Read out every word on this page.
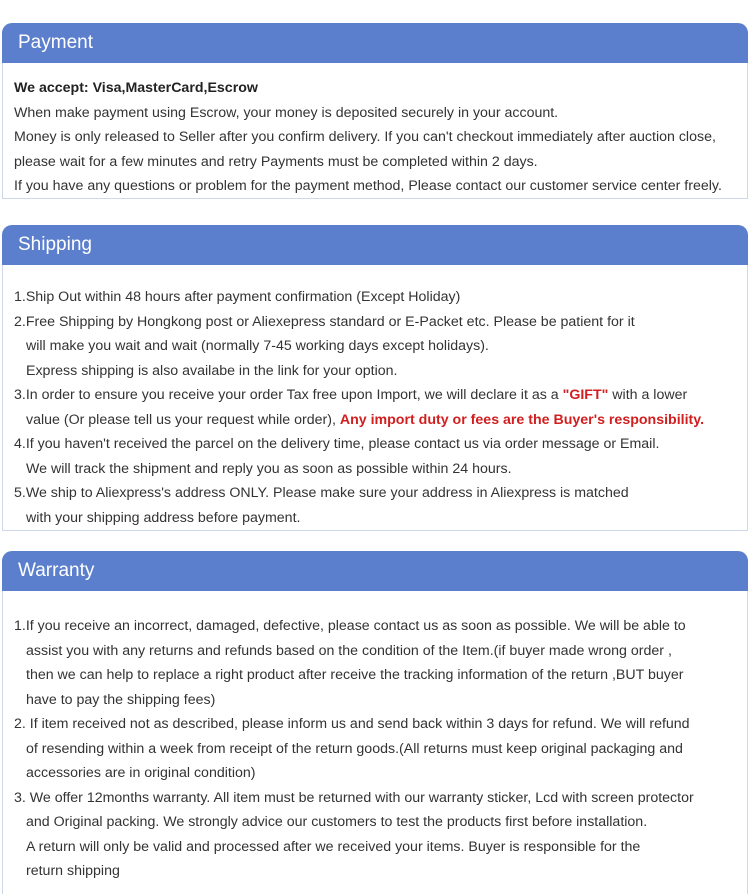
Payment
We accept: Visa,MasterCard,Escrow
When make payment using Escrow, your money is deposited securely in your account.
Money is only released to Seller after you confirm delivery. If you can't checkout immediately after auction close,
please wait for a few minutes and retry Payments must be completed within 2 days.
If you have any questions or problem for the payment method, Please contact our customer service center freely.
Shipping
1.Ship Out within 48 hours after payment confirmation (Except Holiday)
2.Free Shipping by Hongkong post or Aliexepress standard or E-Packet etc. Please be patient for it
will make you wait and wait (normally 7-45 working days except holidays).
Express shipping is also availabe in the link for your option.
3.In order to ensure you receive your order Tax free upon Import, we will declare it as a "GIFT" with a lower
value (Or please tell us your request while order), Any import duty or fees are the Buyer's responsibility.
4.If you haven't received the parcel on the delivery time, please contact us via order message or Email.
We will track the shipment and reply you as soon as possible within 24 hours.
5.We ship to Aliexpress's address ONLY. Please make sure your address in Aliexpress is matched
with your shipping address before payment.
Warranty
1.If you receive an incorrect, damaged, defective, please contact us as soon as possible. We will be able to
assist you with any returns and refunds based on the condition of the Item.(if buyer made wrong order ,
then we can help to replace a right product after receive the tracking information of the return ,BUT buyer
have to pay the shipping fees)
2. If item received not as described, please inform us and send back within 3 days for refund. We will refund
of resending within a week from receipt of the return goods.(All returns must keep original packaging and
accessories are in original condition)
3. We offer 12months warranty. All item must be returned with our warranty sticker, Lcd with screen protector
and Original packing. We strongly advice our customers to test the products first before installation.
A return will only be valid and processed after we received your items. Buyer is responsible for the
return shipping
